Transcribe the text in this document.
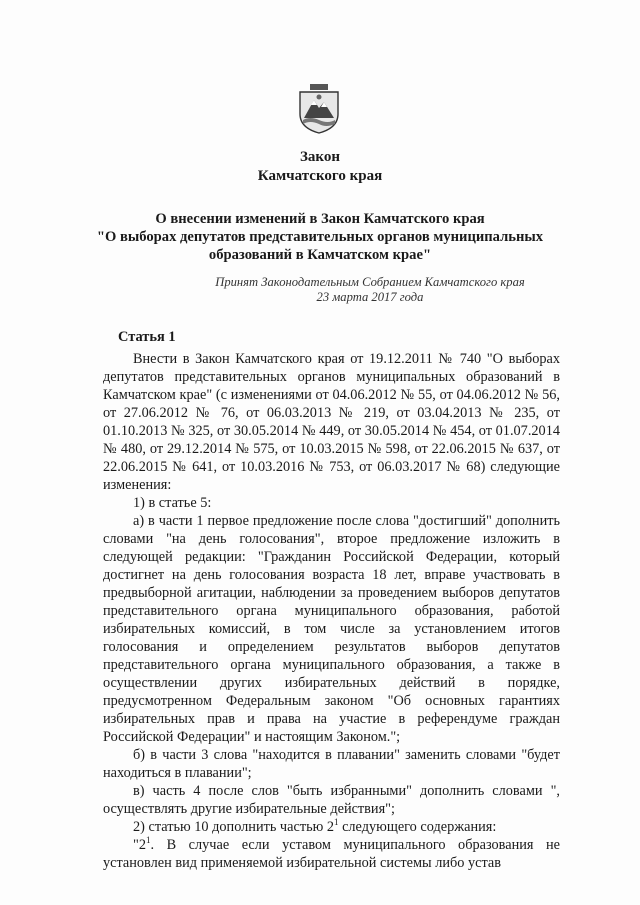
Закон
Камчатского края
О внесении изменений в Закон Камчатского края
"О выборах депутатов представительных органов муниципальных
образований в Камчатском крае"
Принят Законодательным Собранием Камчатского края
23 марта 2017 года
Статья 1

Внести в Закон Камчатского края от 19.12.2011 № 740 "О выборах депутатов представительных органов муниципальных образований в Камчатском крае" (с изменениями от 04.06.2012 № 55, от 04.06.2012 № 56, от 27.06.2012 № 76, от 06.03.2013 № 219, от 03.04.2013 № 235, от 01.10.2013 № 325, от 30.05.2014 № 449, от 30.05.2014 № 454, от 01.07.2014 № 480, от 29.12.2014 № 575, от 10.03.2015 № 598, от 22.06.2015 № 637, от 22.06.2015 № 641, от 10.03.2016 № 753, от 06.03.2017 № 68) следующие изменения:

1) в статье 5:

а) в части 1 первое предложение после слова "достигший" дополнить словами "на день голосования", второе предложение изложить в следующей редакции: "Гражданин Российской Федерации, который достигнет на день голосования возраста 18 лет, вправе участвовать в предвыборной агитации, наблюдении за проведением выборов депутатов представительного органа муниципального образования, работой избирательных комиссий, в том числе за установлением итогов голосования и определением результатов выборов депутатов представительного органа муниципального образования, а также в осуществлении других избирательных действий в порядке, предусмотренном Федеральным законом "Об основных гарантиях избирательных прав и права на участие в референдуме граждан Российской Федерации" и настоящим Законом.";

б) в части 3 слова "находится в плавании" заменить словами "будет находиться в плавании";

в) часть 4 после слов "быть избранными" дополнить словами ", осуществлять другие избирательные действия";

2) статью 10 дополнить частью $2^1$ следующего содержания:

"$2^1$. В случае если уставом муниципального образования не установлен вид применяемой избирательной системы либо устав
